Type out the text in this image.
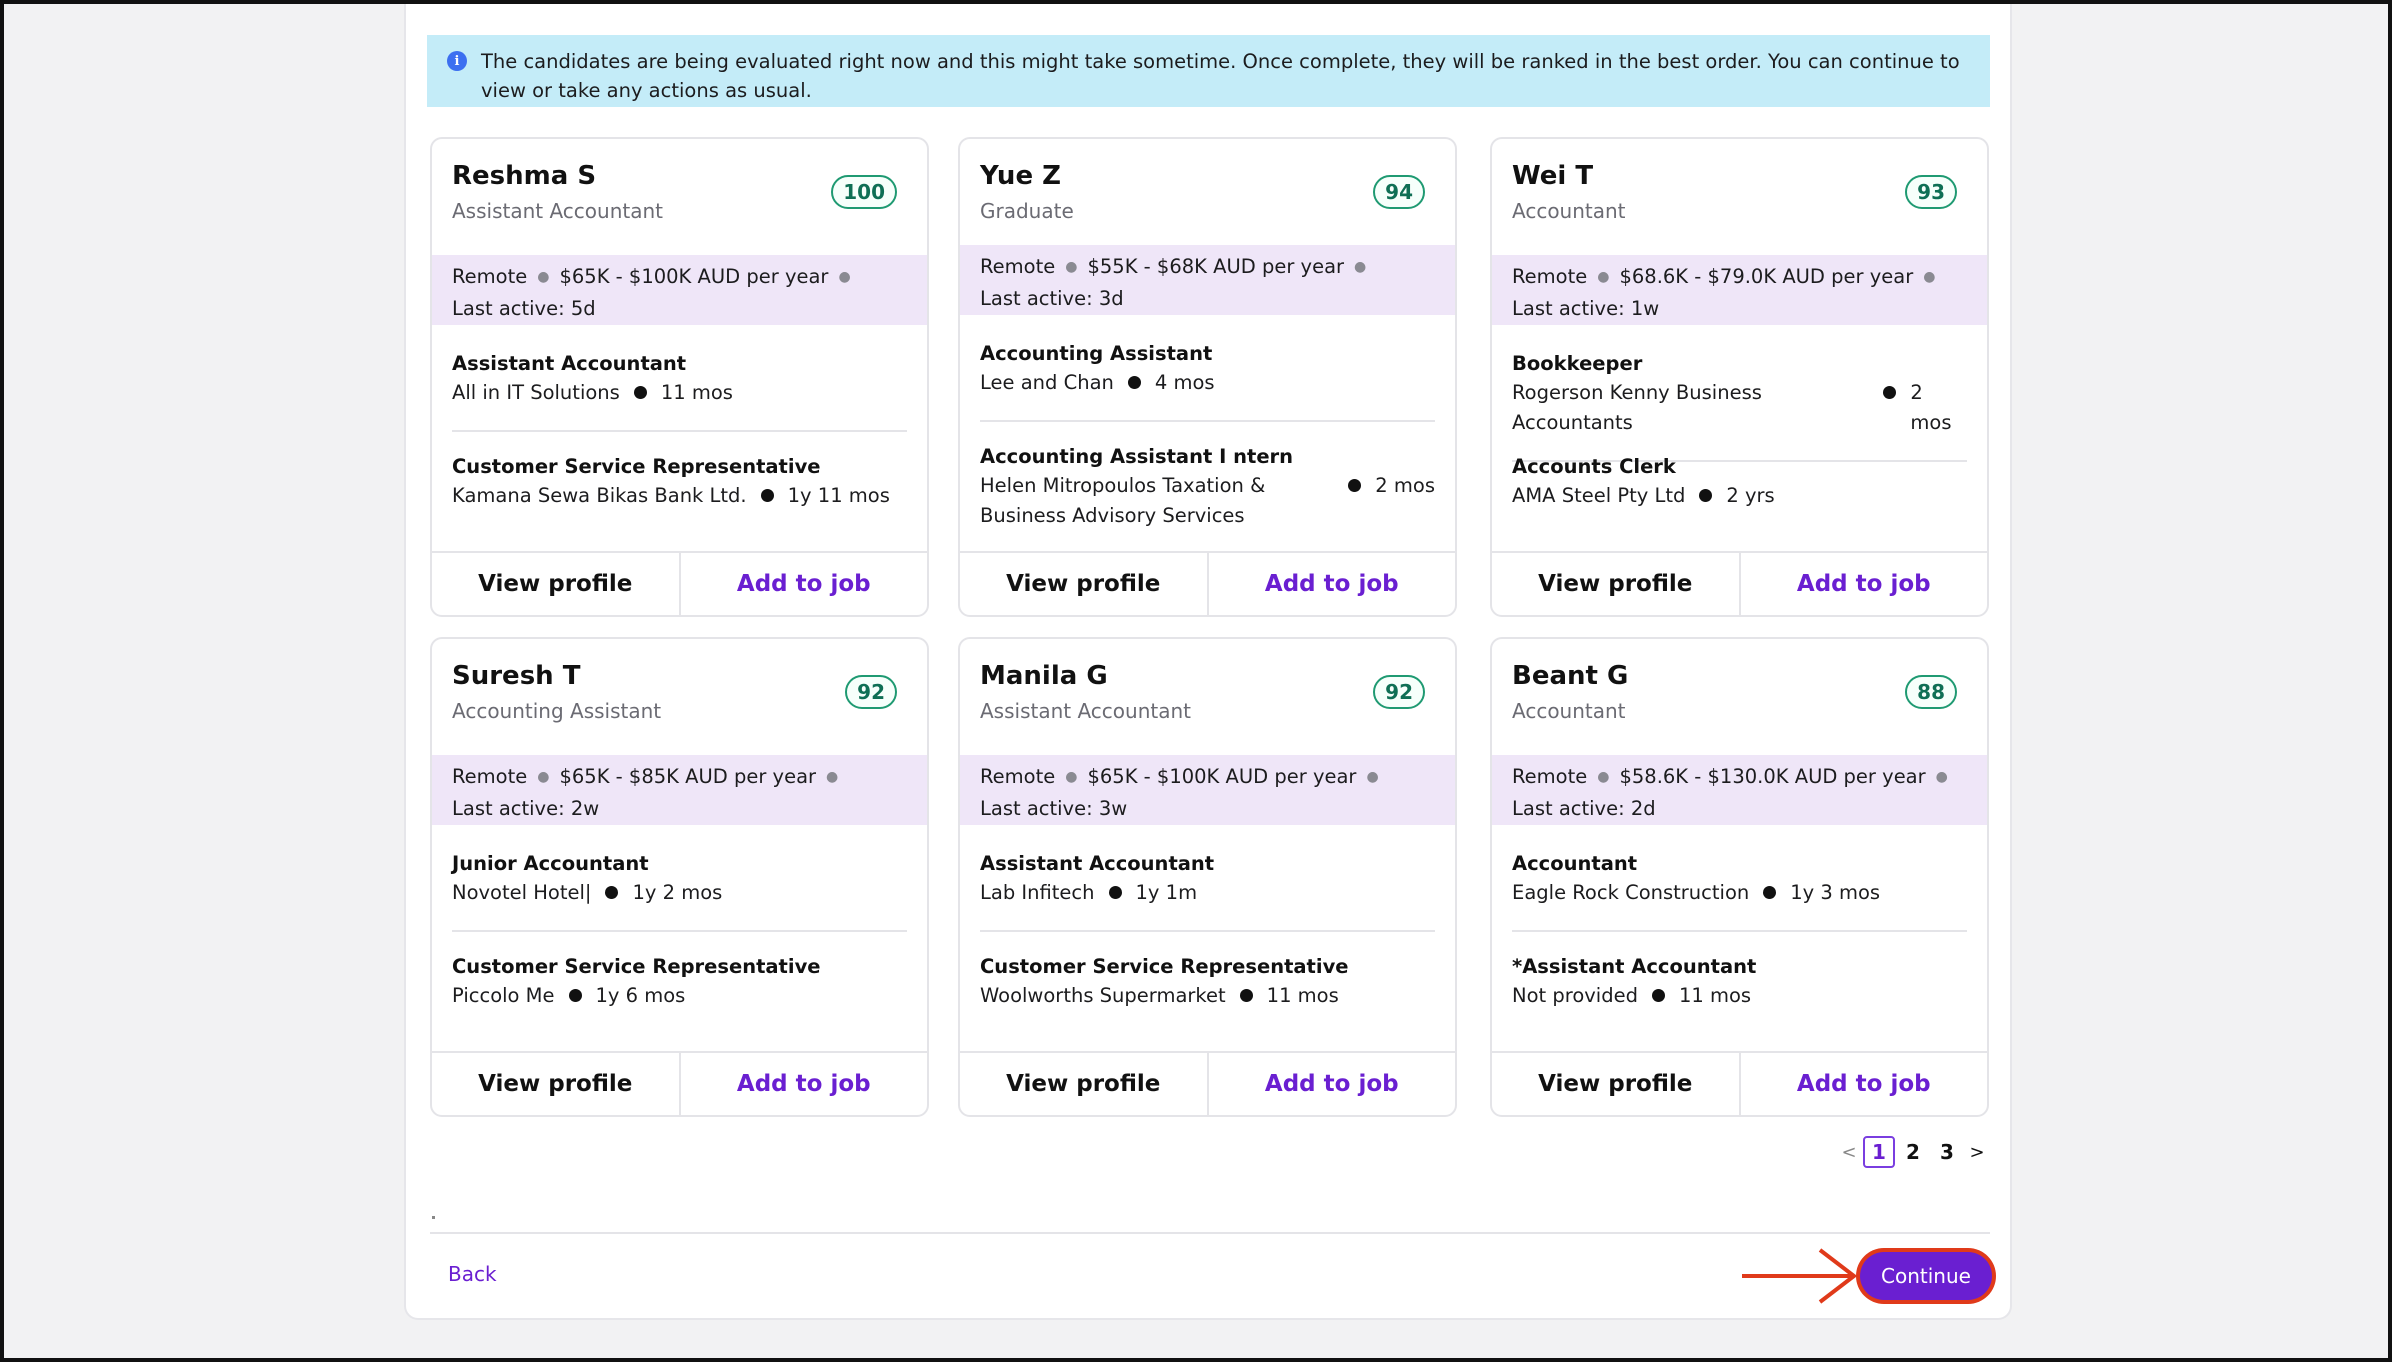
i	The candidates are being evaluated right now and this might take sometime. Once complete, they will be ranked in the best order. You can continue to view or take any actions as usual.
Reshma S
Assistant Accountant
100
Remote ● $65K - $100K AUD per year ●
Last active: 5d
Assistant Accountant
All in IT Solutions 11 mos
Customer Service Representative
Kamana Sewa Bikas Bank Ltd. 1y 11 mos
View profile	Add to job
Yue Z
Graduate
94
Remote ● $55K - $68K AUD per year ●
Last active: 3d
Accounting Assistant
Lee and Chan 4 mos
Accounting Assistant I ntern
Helen Mitropoulos Taxation & Business Advisory Services
2 mos
View profile	Add to job
Wei T
Accountant
93
Remote ● $68.6K - $79.0K AUD per year ●
Last active: 1w
Bookkeeper
Rogerson Kenny Business Accountants
2 mos
Accounts Clerk
AMA Steel Pty Ltd 2 yrs
View profile	Add to job
Suresh T
Accounting Assistant
92
Remote ● $65K - $85K AUD per year ●
Last active: 2w
Junior Accountant
Novotel Hotel| 1y 2 mos
Customer Service Representative
Piccolo Me 1y 6 mos
View profile	Add to job
Manila G
Assistant Accountant
92
Remote ● $65K - $100K AUD per year ●
Last active: 3w
Assistant Accountant
Lab Infitech 1y 1m
Customer Service Representative
Woolworths Supermarket 11 mos
View profile	Add to job
Beant G
Accountant
88
Remote ● $58.6K - $130.0K AUD per year ●
Last active: 2d
Accountant
Eagle Rock Construction 1y 3 mos
*Assistant Accountant
Not provided 11 mos
View profile	Add to job
< 1	2	3 >
Back	Continue
